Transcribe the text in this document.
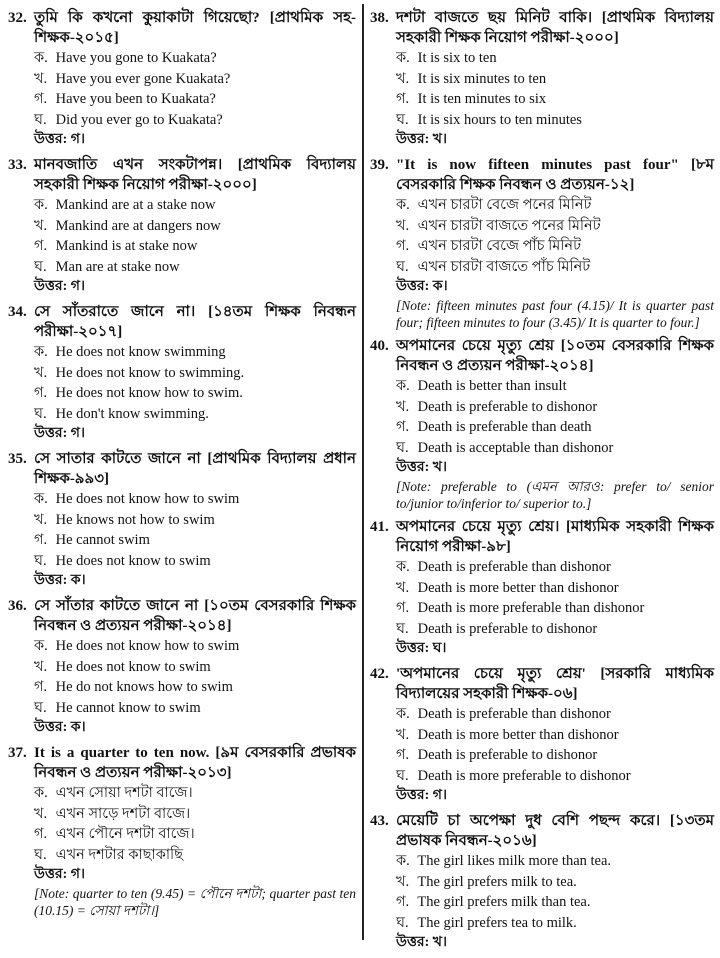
32. তুমি কি কখনো কুয়াকাটা গিয়েছো? [প্রাথমিক সহ-শিক্ষক-২০১৫]
ক. Have you gone to Kuakata?
খ. Have you ever gone Kuakata?
গ. Have you been to Kuakata?
ঘ. Did you ever go to Kuakata?
উত্তর: গ।
33. মানবজাতি এখন সংকটাপন্ন। [প্রাথমিক বিদ্যালয় সহকারী শিক্ষক নিয়োগ পরীক্ষা-২০০০]
ক. Mankind are at a stake now
খ. Mankind are at dangers now
গ. Mankind is at stake now
ঘ. Man are at stake now
উত্তর: গ।
34. সে সাঁতরাতে জানে না। [১৪তম শিক্ষক নিবন্ধন পরীক্ষা-২০১৭]
ক. He does not know swimming
খ. He does not know to swimming.
গ. He does not know how to swim.
ঘ. He don't know swimming.
উত্তর: গ।
35. সে সাতার কাটতে জানে না [প্রাথমিক বিদ্যালয় প্রধান শিক্ষক-৯৯৩]
ক. He does not know how to swim
খ. He knows not how to swim
গ. He cannot swim
ঘ. He does not know to swim
উত্তর: ক।
36. সে সাঁতার কাটতে জানে না [১০তম বেসরকারি শিক্ষক নিবন্ধন ও প্রত্যয়ন পরীক্ষা-২০১৪]
ক. He does not know how to swim
খ. He does not know to swim
গ. He do not knows how to swim
ঘ. He cannot know to swim
উত্তর: ক।
37. It is a quarter to ten now. [৯ম বেসরকারি প্রভাষক নিবন্ধন ও প্রত্যয়ন পরীক্ষা-২০১৩]
ক. এখন সোয়া দশটা বাজে।
খ. এখন সাড়ে দশটা বাজে।
গ. এখন পৌনে দশটা বাজে।
ঘ. এখন দশটার কাছাকাছি
উত্তর: গ।
[Note: quarter to ten (9.45) = পৌনে দশটা; quarter past ten (10.15) = সোয়া দশটা।]
38. দশটা বাজতে ছয় মিনিট বাকি। [প্রাথমিক বিদ্যালয় সহকারী শিক্ষক নিয়োগ পরীক্ষা-২০০০]
ক. It is six to ten
খ. It is six minutes to ten
গ. It is ten minutes to six
ঘ. It is six hours to ten minutes
উত্তর: খ।
39. "It is now fifteen minutes past four" [৮ম বেসরকারি শিক্ষক নিবন্ধন ও প্রত্যয়ন-১২]
ক. এখন চারটা বেজে পনের মিনিট
খ. এখন চারটা বাজতে পনের মিনিট
গ. এখন চারটা বেজে পাঁচ মিনিট
ঘ. এখন চারটা বাজতে পাঁচ মিনিট
উত্তর: ক।
[Note: fifteen minutes past four (4.15)/ It is quarter past four; fifteen minutes to four (3.45)/ It is quarter to four.]
40. অপমানের চেয়ে মৃত্যু শ্রেয় [১০তম বেসরকারি শিক্ষক নিবন্ধন ও প্রত্যয়ন পরীক্ষা-২০১৪]
ক. Death is better than insult
খ. Death is preferable to dishonor
গ. Death is preferable than death
ঘ. Death is acceptable than dishonor
উত্তর: খ।
[Note: preferable to (এমন আরও: prefer to/ senior to/junior to/inferior to/ superior to.]
41. অপমানের চেয়ে মৃত্যু শ্রেয়। [মাধ্যমিক সহকারী শিক্ষক নিয়োগ পরীক্ষা-৯৮]
ক. Death is preferable than dishonor
খ. Death is more better than dishonor
গ. Death is more preferable than dishonor
ঘ. Death is preferable to dishonor
উত্তর: ঘ।
42. 'অপমানের চেয়ে মৃত্যু শ্রেয়' [সরকারি মাধ্যমিক বিদ্যালয়ের সহকারী শিক্ষক-০৬]
ক. Death is preferable than dishonor
খ. Death is more better than dishonor
গ. Death is preferable to dishonor
ঘ. Death is more preferable to dishonor
উত্তর: গ।
43. মেয়েটি চা অপেক্ষা দুধ বেশি পছন্দ করে। [১৩তম প্রভাষক নিবন্ধন-২০১৬]
ক. The girl likes milk more than tea.
খ. The girl prefers milk to tea.
গ. The girl prefers milk than tea.
ঘ. The girl prefers tea to milk.
উত্তর: খ।
